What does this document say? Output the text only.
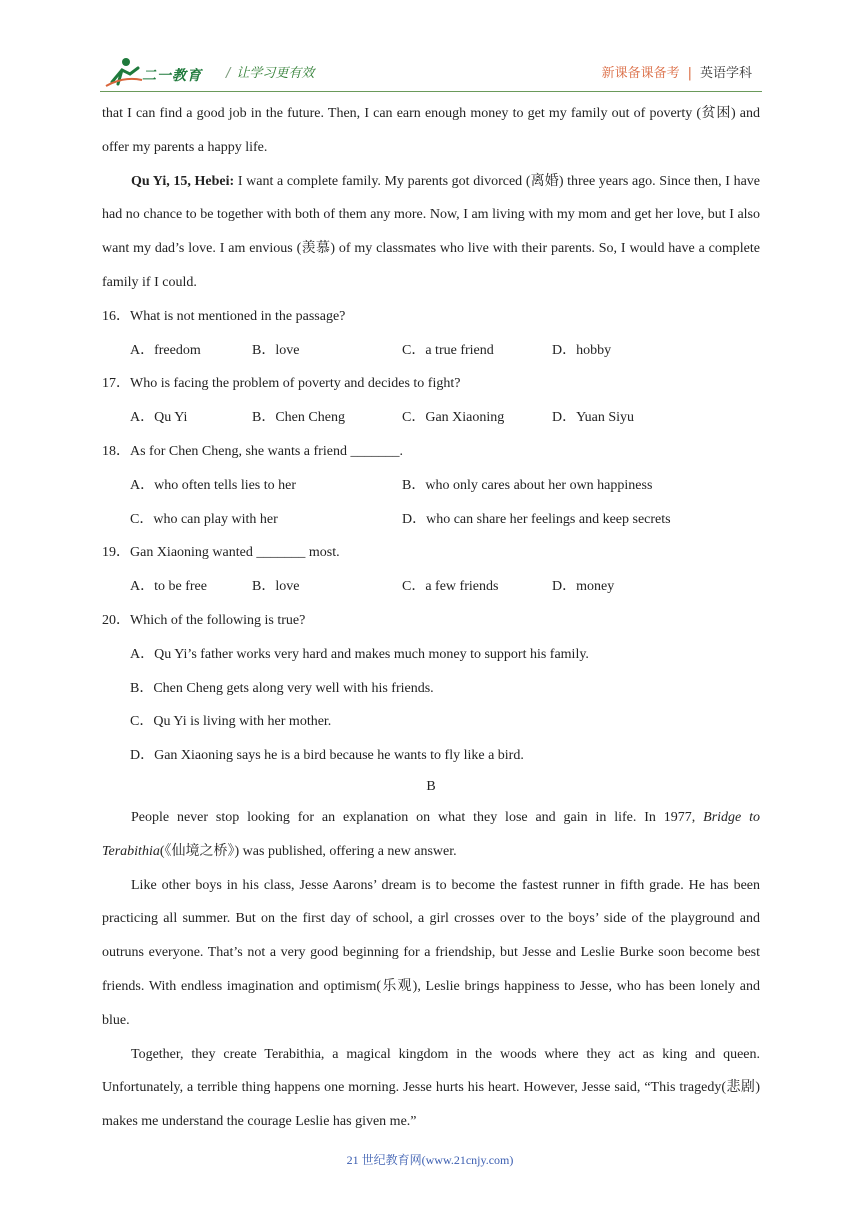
二一教育 / 让学习更有效	新课备课备考 | 英语学科

that I can find a good job in the future. Then, I can earn enough money to get my family out of poverty (贫困) and offer my parents a happy life.

Qu Yi, 15, Hebei: I want a complete family. My parents got divorced (离婚) three years ago. Since then, I have had no chance to be together with both of them any more. Now, I am living with my mom and get her love, but I also want my dad’s love. I am envious (羡慕) of my classmates who live with their parents. So, I would have a complete family if I could.

16．What is not mentioned in the passage?

A．freedom	B．love	C．a true friend	D．hobby

17．Who is facing the problem of poverty and decides to fight?

A．Qu Yi	B．Chen Cheng	C．Gan Xiaoning	D．Yuan Siyu

18．As for Chen Cheng, she wants a friend _______.

A．who often tells lies to her	B．who only cares about her own happiness
C．who can play with her	D．who can share her feelings and keep secrets

19．Gan Xiaoning wanted _______ most.

A．to be free	B．love	C．a few friends	D．money

20．Which of the following is true?

A．Qu Yi’s father works very hard and makes much money to support his family.
B．Chen Cheng gets along very well with his friends.
C．Qu Yi is living with her mother.
D．Gan Xiaoning says he is a bird because he wants to fly like a bird.

B

People never stop looking for an explanation on what they lose and gain in life. In 1977, Bridge to Terabithia(《仙境之桥》) was published, offering a new answer.

Like other boys in his class, Jesse Aarons’ dream is to become the fastest runner in fifth grade. He has been practicing all summer. But on the first day of school, a girl crosses over to the boys’ side of the playground and outruns everyone. That’s not a very good beginning for a friendship, but Jesse and Leslie Burke soon become best friends. With endless imagination and optimism(乐观), Leslie brings happiness to Jesse, who has been lonely and blue.

Together, they create Terabithia, a magical kingdom in the woods where they act as king and queen. Unfortunately, a terrible thing happens one morning. Jesse hurts his heart. However, Jesse said, “This tragedy(悲剧) makes me understand the courage Leslie has given me.”

21 世纪教育网(www.21cnjy.com)
